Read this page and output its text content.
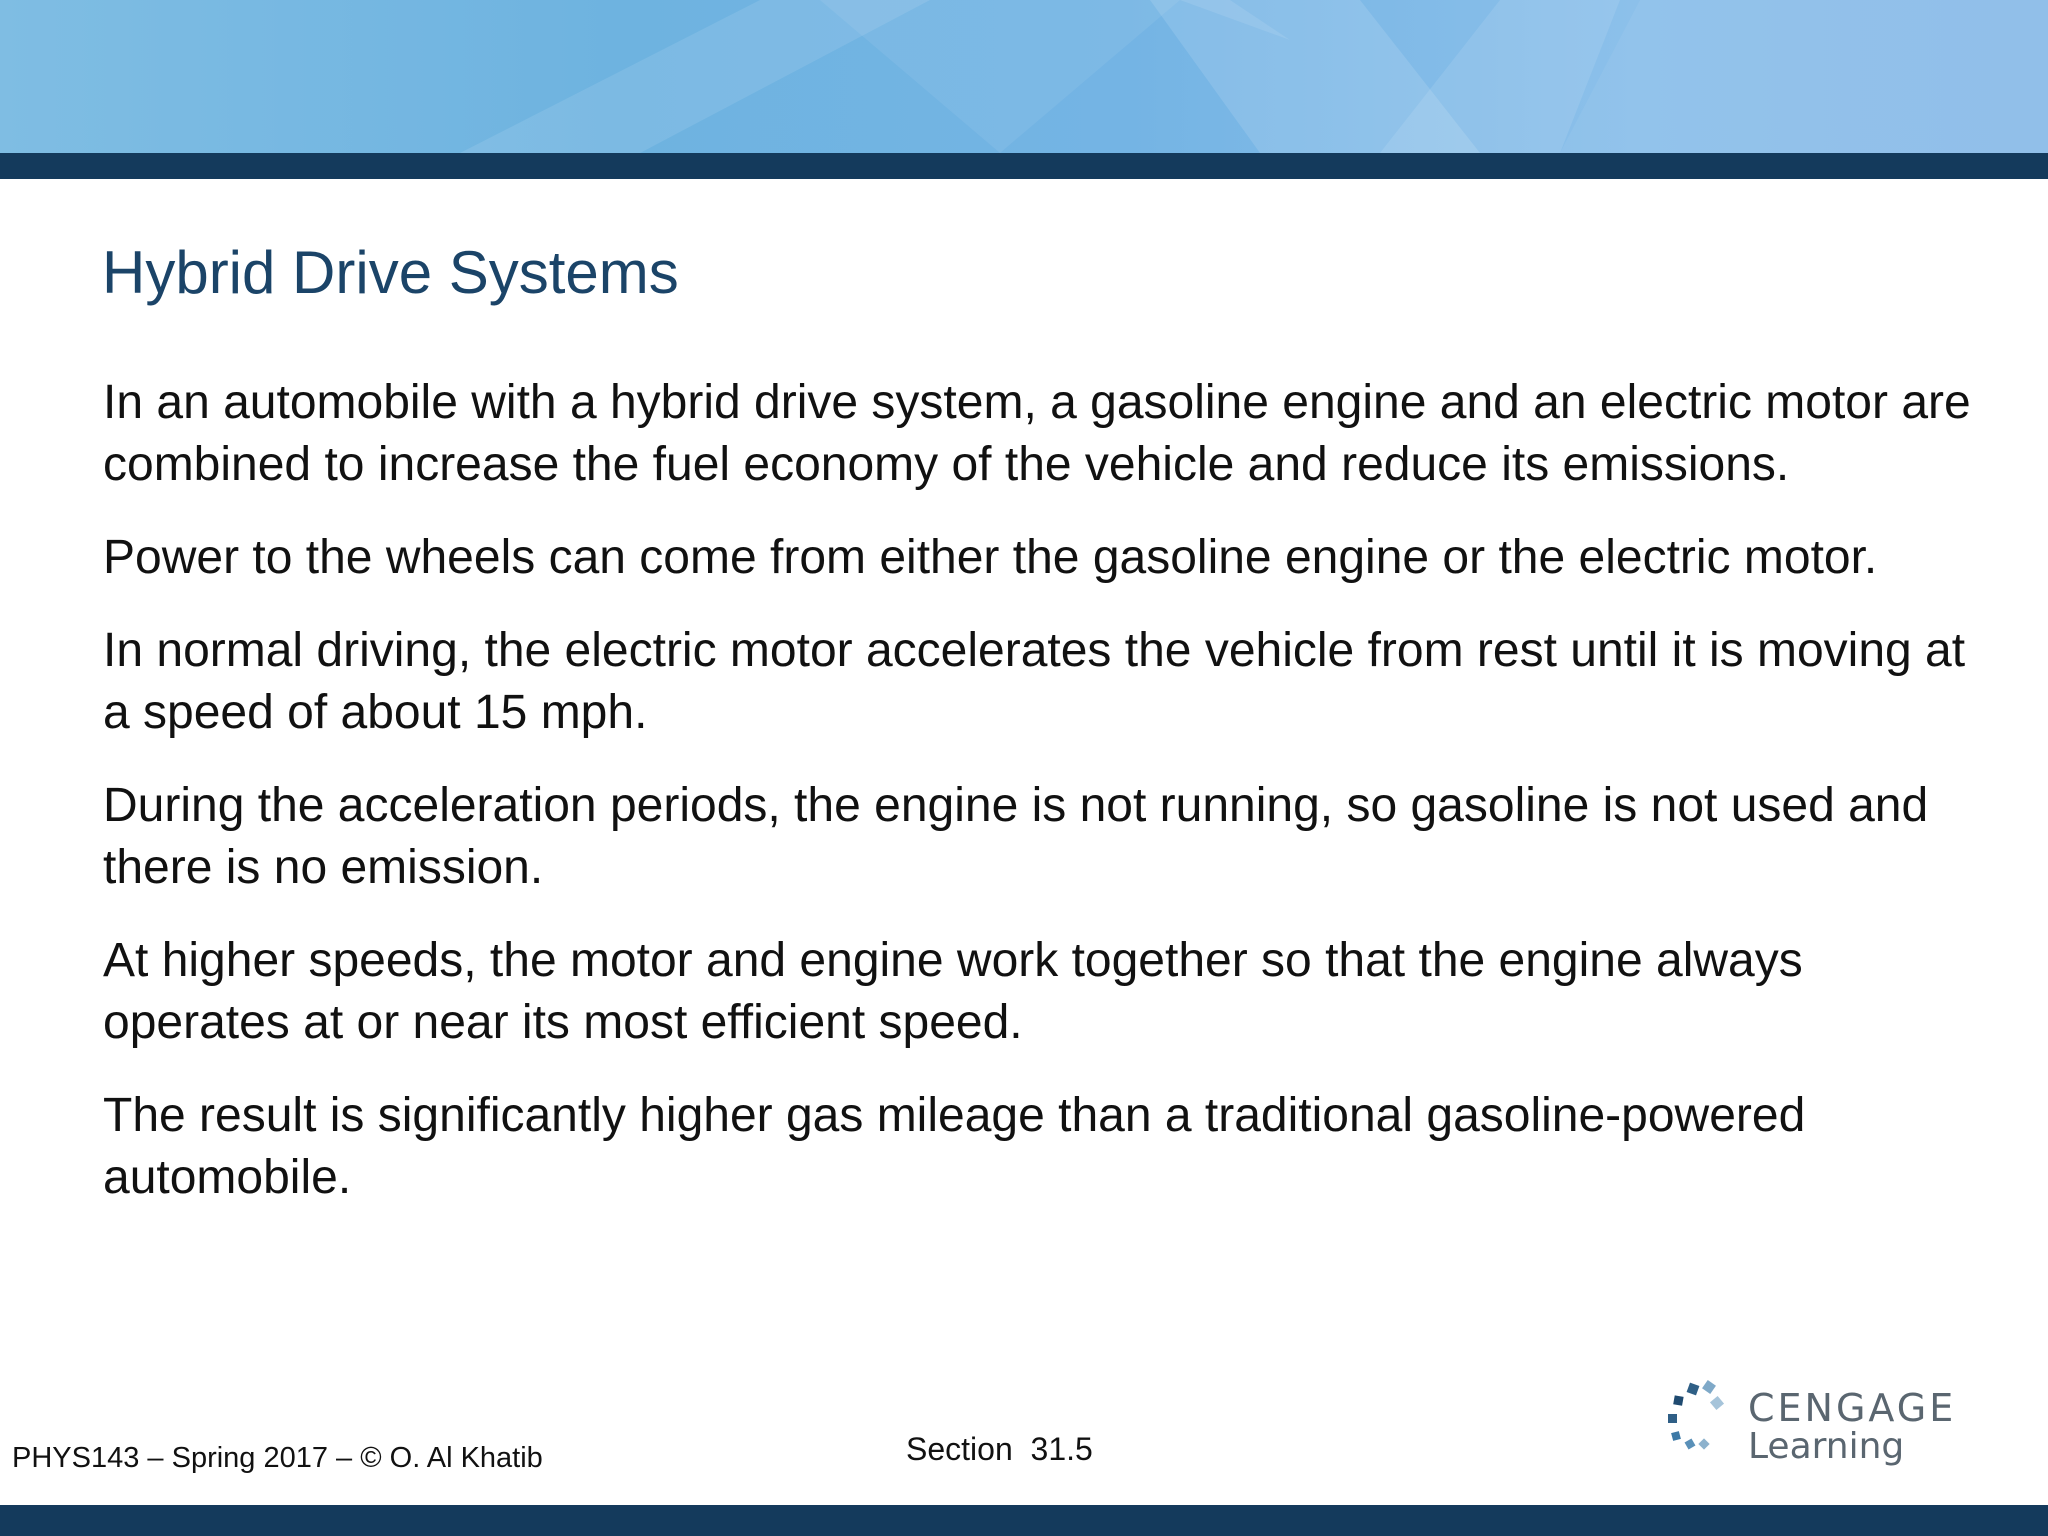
Hybrid Drive Systems

In an automobile with a hybrid drive system, a gasoline engine and an electric motor are combined to increase the fuel economy of the vehicle and reduce its emissions.

Power to the wheels can come from either the gasoline engine or the electric motor.

In normal driving, the electric motor accelerates the vehicle from rest until it is moving at a speed of about 15 mph.

During the acceleration periods, the engine is not running, so gasoline is not used and there is no emission.

At higher speeds, the motor and engine work together so that the engine always operates at or near its most efficient speed.

The result is significantly higher gas mileage than a traditional gasoline-powered automobile.

PHYS143 – Spring 2017 – © O. Al Khatib	Section  31.5
CENGAGE
Learning
